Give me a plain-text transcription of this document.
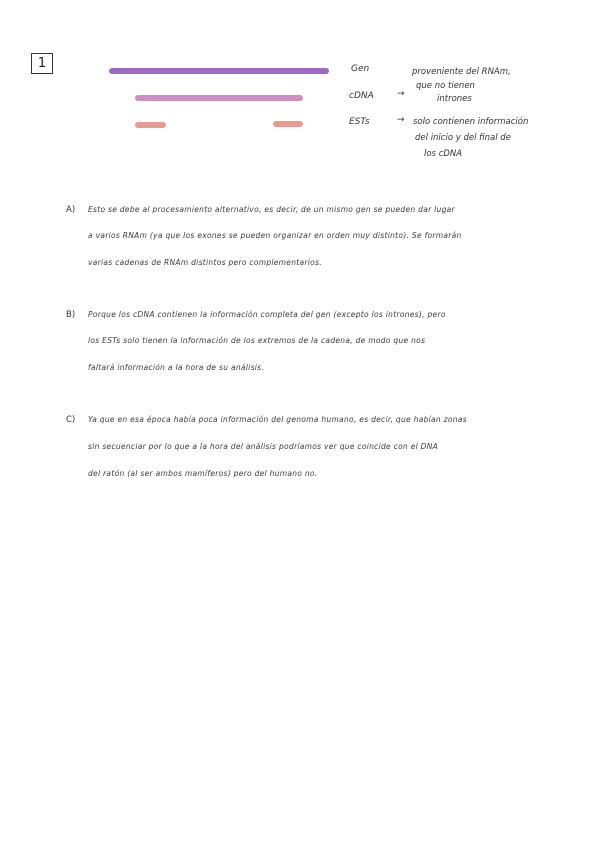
1	Gen
cDNA
ESTs
→
→
proveniente del RNAm,
que no tienen
intrones
solo contienen información
del inicio y del final de
los cDNA
A) Esto se debe al procesamiento alternativo, es decir, de un mismo gen se pueden dar lugar
a varios RNAm (ya que los exones se pueden organizar en orden muy distinto). Se formarán
varias cadenas de RNAm distintos pero complementarios.
B) Porque los cDNA contienen la información completa del gen (excepto los intrones), pero
los ESTs solo tienen la información de los extremos de la cadena, de modo que nos
faltará información a la hora de su análisis.
C) Ya que en esa época había poca información del genoma humano, es decir, que habían zonas
sin secuenciar por lo que a la hora del análisis podríamos ver que coincide con el DNA
del ratón (al ser ambos mamíferos) pero del humano no.
